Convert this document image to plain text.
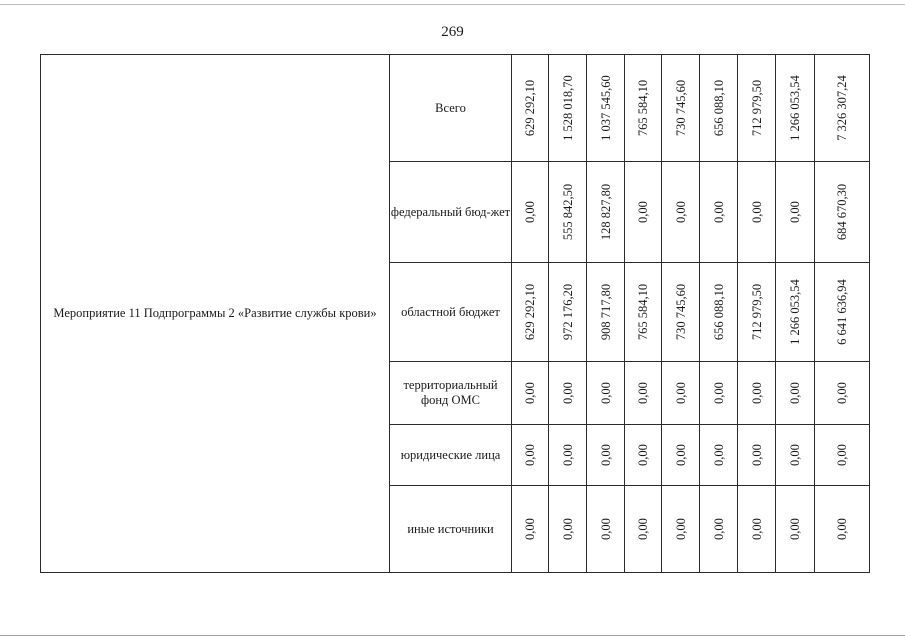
269
Мероприятие 11 Подпрограммы 2 «Развитие службы крови»	Всего	629 292,10	1 528 018,70	1 037 545,60	765 584,10	730 745,60	656 088,10	712 979,50	1 266 053,54	7 326 307,24

	федеральный бюд-жет	0,00	555 842,50	128 827,80	0,00	0,00	0,00	0,00	0,00	684 670,30

	областной бюджет	629 292,10	972 176,20	908 717,80	765 584,10	730 745,60	656 088,10	712 979,50	1 266 053,54	6 641 636,94

	территориальный фонд ОМС	0,00	0,00	0,00	0,00	0,00	0,00	0,00	0,00	0,00

	юридические лица	0,00	0,00	0,00	0,00	0,00	0,00	0,00	0,00	0,00

	иные источники	0,00	0,00	0,00	0,00	0,00	0,00	0,00	0,00	0,00
